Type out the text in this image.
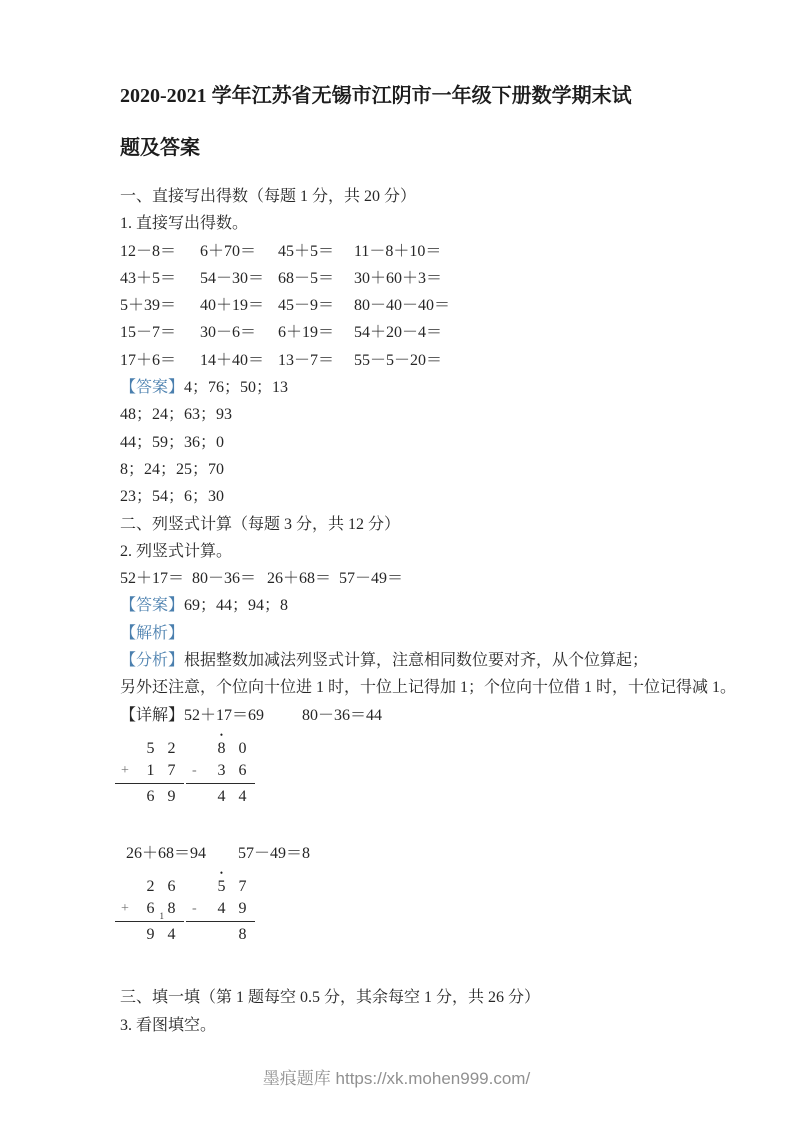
2020-2021 学年江苏省无锡市江阴市一年级下册数学期末试
题及答案

一、直接写出得数（每题 1 分，共 20 分）

1. 直接写出得数。

12－8＝	6＋70＝	45＋5＝	11－8＋10＝
43＋5＝	54－30＝ 68－5＝	30＋60＋3＝
5＋39＝	40＋19＝ 45－9＝	80－40－40＝
15－7＝	30－6＝	6＋19＝	54＋20－4＝
17＋6＝	14＋40＝ 13－7＝	55－5－20＝

【答案】4；76；50；13

48；24；63；93

44；59；36；0

8；24；25；70

23；54；6；30

二、列竖式计算（每题 3 分，共 12 分）

2. 列竖式计算。

52＋17＝ 80－36＝ 26＋68＝ 57－49＝

【答案】69；44；94；8

【解析】

【分析】根据整数加减法列竖式计算，注意相同数位要对齐，从个位算起；

另外还注意，个位向十位进 1 时，十位上记得加 1；个位向十位借 1 时，十位记得减 1。

【详解】52＋17＝69 80－36＝44

5 2
+	1 7
6 9
•
8 0
-	3 6
4 4

26＋68＝94 57－49＝8

2 6
+	6 1 8
9 4
•
5 7
-	4 9
8

三、填一填（第 1 题每空 0.5 分，其余每空 1 分，共 26 分）

3. 看图填空。

墨痕题库 https://xk.mohen999.com/
